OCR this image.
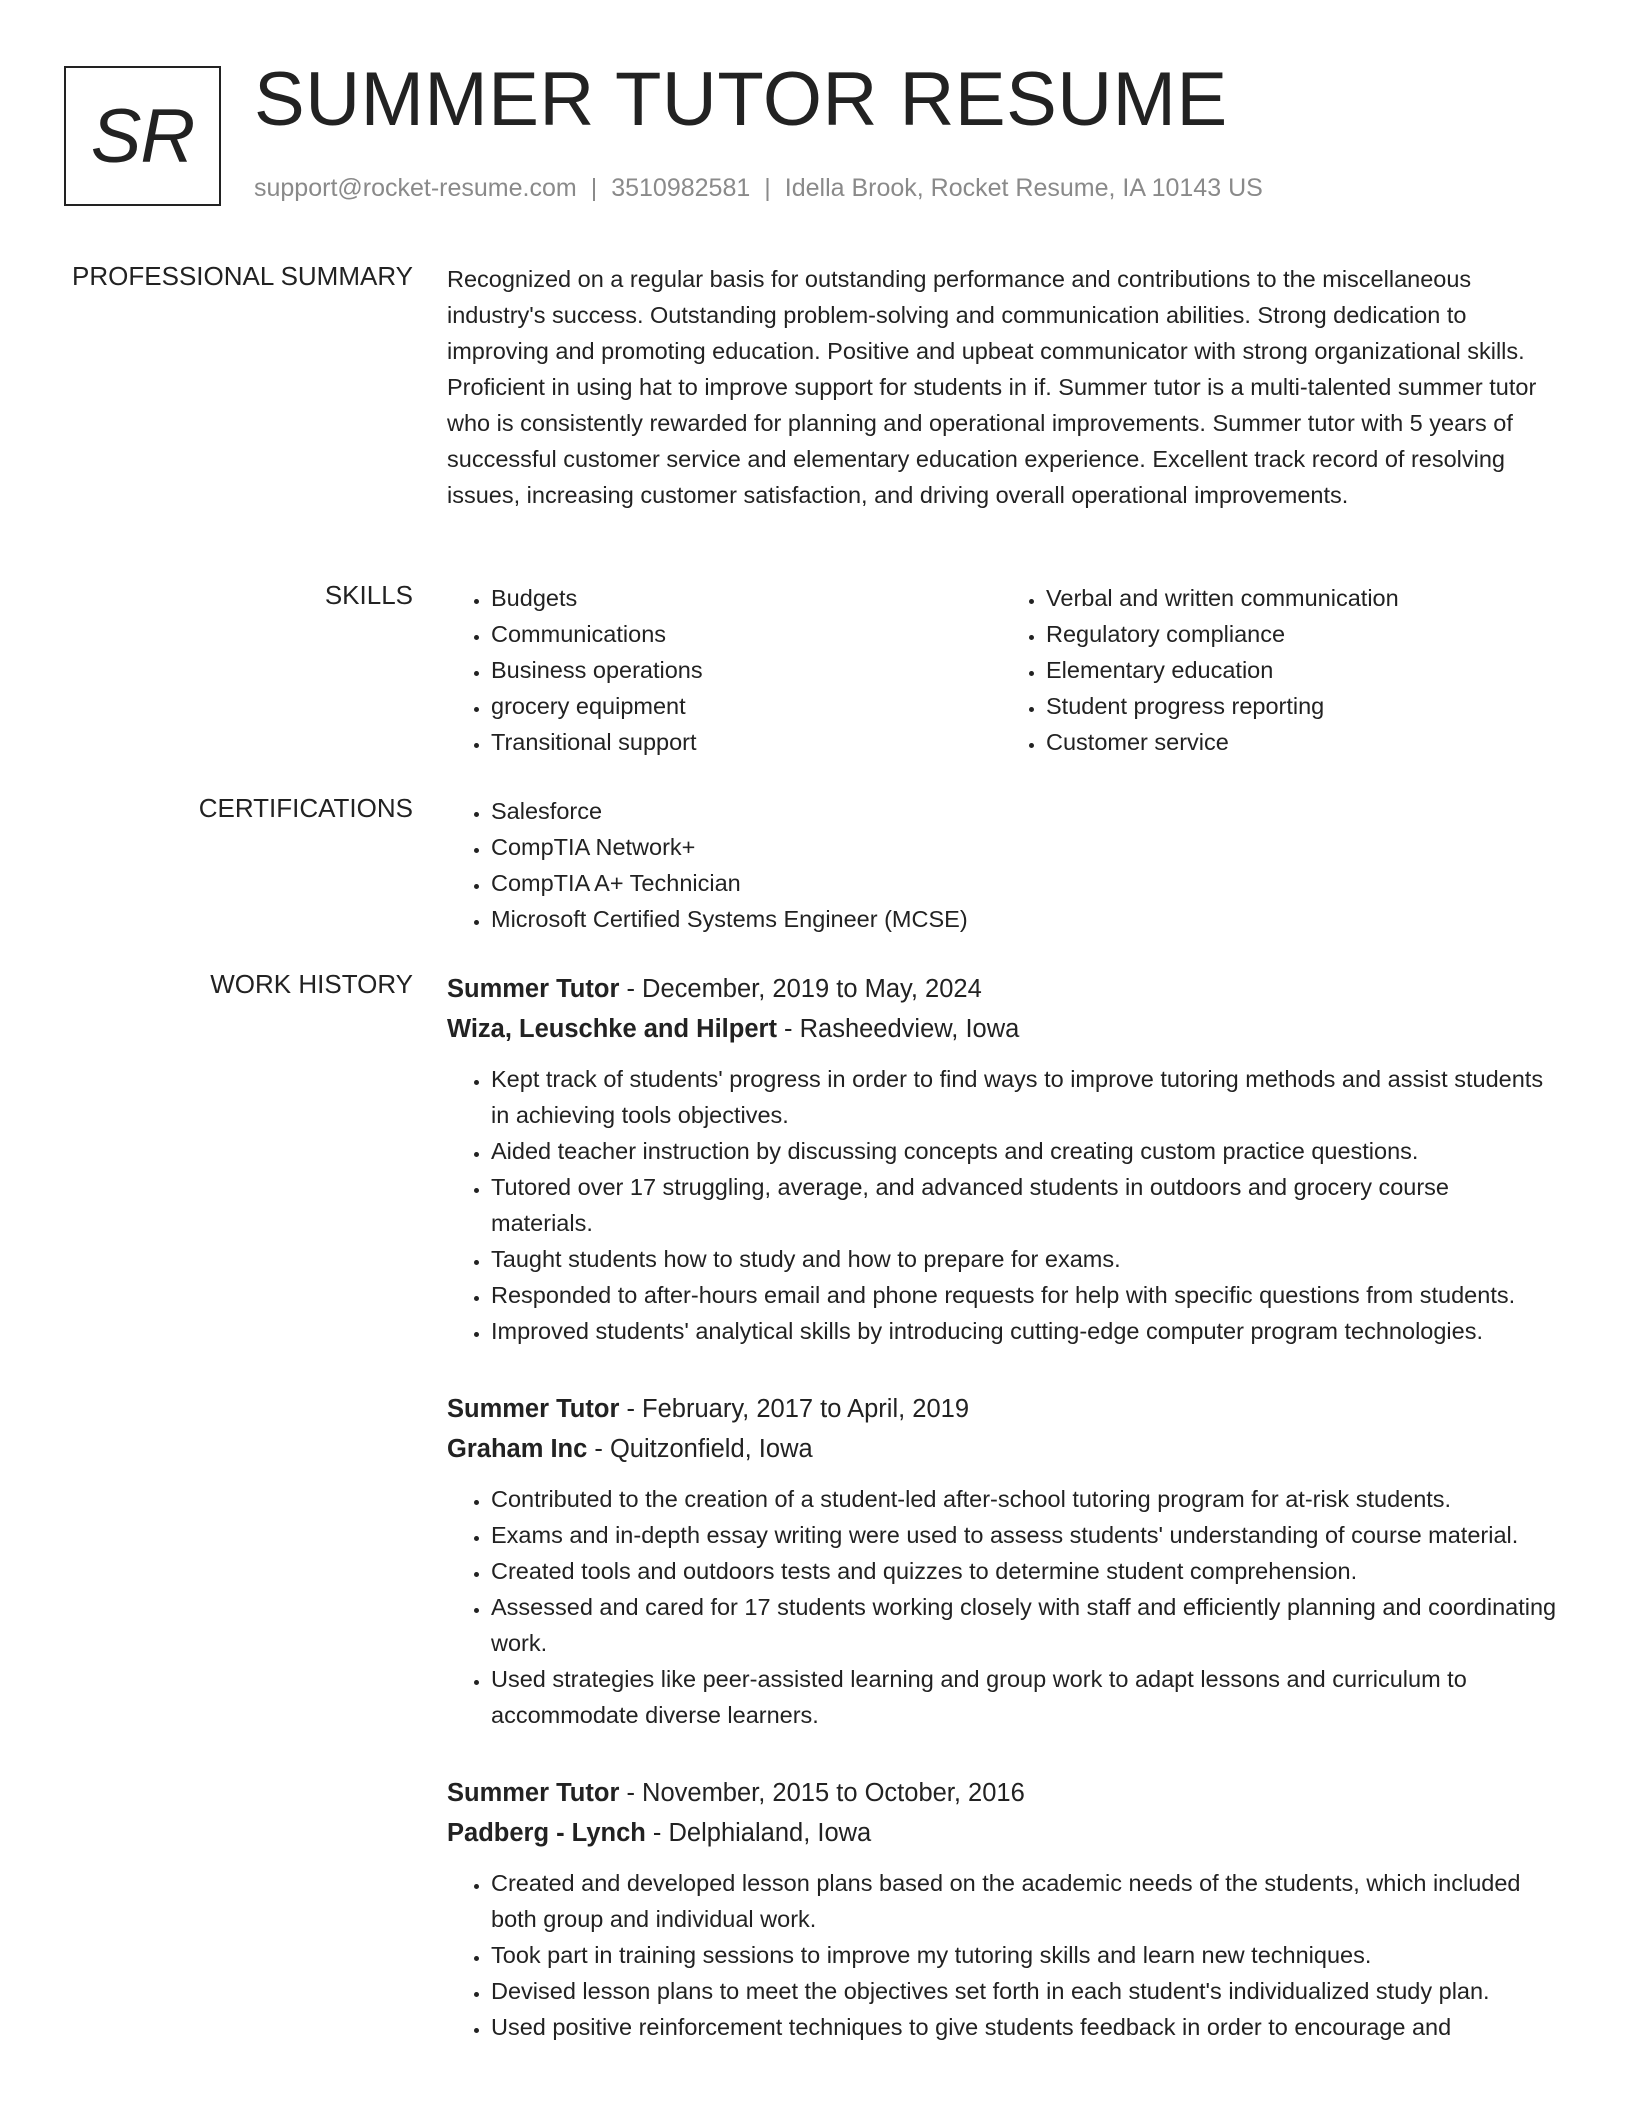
SR SUMMER TUTOR RESUME
support@rocket-resume.com | 3510982581 | Idella Brook, Rocket Resume, IA 10143 US
PROFESSIONAL SUMMARY Recognized on a regular basis for outstanding performance and contributions to the miscellaneous industry's success. Outstanding problem-solving and communication abilities. Strong dedication to improving and promoting education. Positive and upbeat communicator with strong organizational skills. Proficient in using hat to improve support for students in if. Summer tutor is a multi-talented summer tutor who is consistently rewarded for planning and operational improvements. Summer tutor with 5 years of successful customer service and elementary education experience. Excellent track record of resolving issues, increasing customer satisfaction, and driving overall operational improvements.

SKILLS	• Budgets
• Communications
• Business operations
• grocery equipment
• Transitional support
• Verbal and written communication
• Regulatory compliance
• Elementary education
• Student progress reporting
• Customer service
CERTIFICATIONS	• Salesforce
• CompTIA Network+
• CompTIA A+ Technician
• Microsoft Certified Systems Engineer (MCSE)
WORK HISTORY Summer Tutor - December, 2019 to May, 2024
Wiza, Leuschke and Hilpert - Rasheedview, Iowa
• Kept track of students' progress in order to find ways to improve tutoring methods and assist students in achieving tools objectives.
• Aided teacher instruction by discussing concepts and creating custom practice questions.
• Tutored over 17 struggling, average, and advanced students in outdoors and grocery course materials.
• Taught students how to study and how to prepare for exams.
• Responded to after-hours email and phone requests for help with specific questions from students.
• Improved students' analytical skills by introducing cutting-edge computer program technologies.
Summer Tutor - February, 2017 to April, 2019
Graham Inc - Quitzonfield, Iowa
• Contributed to the creation of a student-led after-school tutoring program for at-risk students.
• Exams and in-depth essay writing were used to assess students' understanding of course material.
• Created tools and outdoors tests and quizzes to determine student comprehension.
• Assessed and cared for 17 students working closely with staff and efficiently planning and coordinating work.
• Used strategies like peer-assisted learning and group work to adapt lessons and curriculum to accommodate diverse learners.
Summer Tutor - November, 2015 to October, 2016
Padberg - Lynch - Delphialand, Iowa
• Created and developed lesson plans based on the academic needs of the students, which included both group and individual work.
• Took part in training sessions to improve my tutoring skills and learn new techniques.
• Devised lesson plans to meet the objectives set forth in each student's individualized study plan.
• Used positive reinforcement techniques to give students feedback in order to encourage and
